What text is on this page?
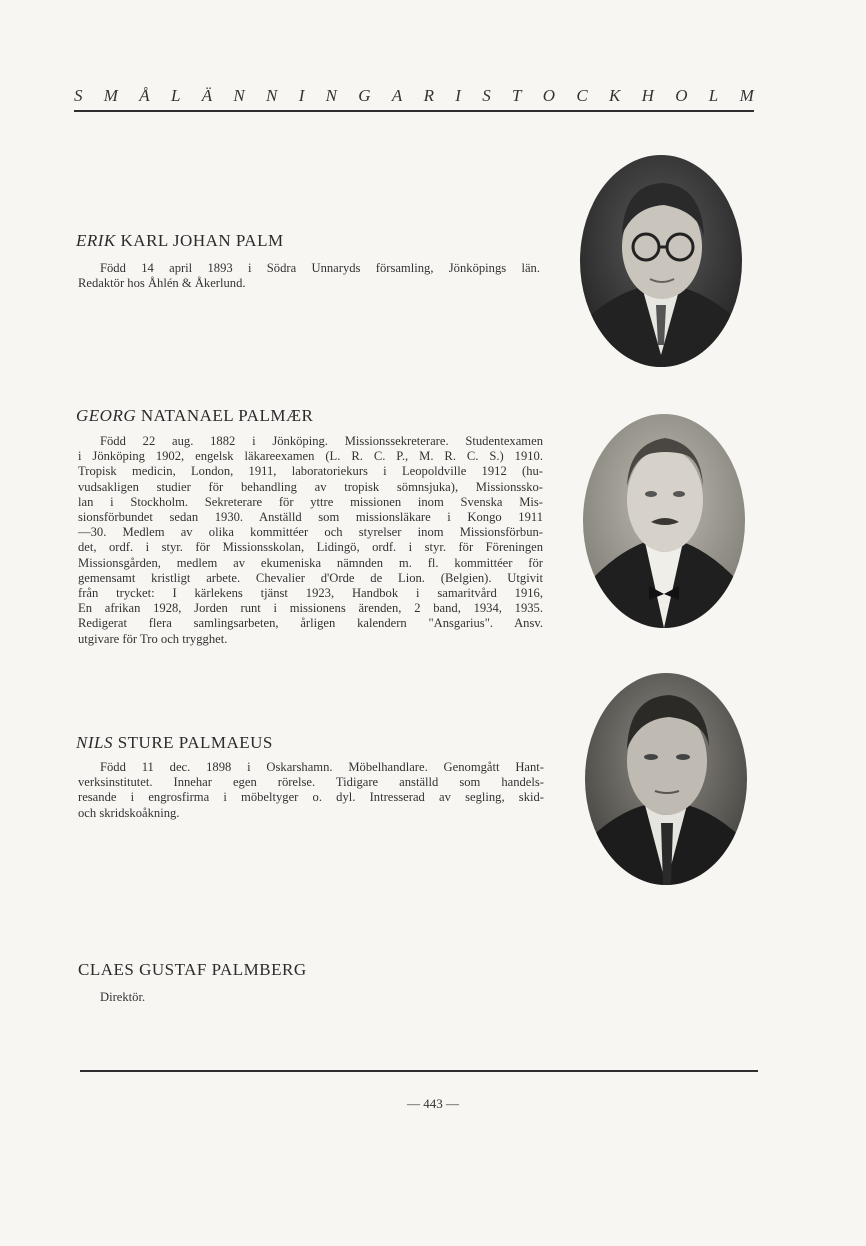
S M Å L Ä N N I N G A R I S T O C K H O L M
ERIK KARL JOHAN PALM
Född 14 april 1893 i Södra Unnaryds församling, Jönköpings län.
Redaktör hos Åhlén & Åkerlund.
GEORG NATANAEL PALMÆR
Född 22 aug. 1882 i Jönköping. Missionssekreterare. Studentexamen
i Jönköping 1902, engelsk läkareexamen (L. R. C. P., M. R. C. S.) 1910.
Tropisk medicin, London, 1911, laboratoriekurs i Leopoldville 1912 (hu-
vudsakligen studier för behandling av tropisk sömnsjuka), Missionssko-
lan i Stockholm. Sekreterare för yttre missionen inom Svenska Mis-
sionsförbundet sedan 1930. Anställd som missionsläkare i Kongo 1911
—30. Medlem av olika kommittéer och styrelser inom Missionsförbun-
det, ordf. i styr. för Missionsskolan, Lidingö, ordf. i styr. för Föreningen
Missionsgården, medlem av ekumeniska nämnden m. fl. kommittéer för
gemensamt kristligt arbete. Chevalier d'Orde de Lion. (Belgien). Utgivit
från trycket: I kärlekens tjänst 1923, Handbok i samaritvård 1916,
En afrikan 1928, Jorden runt i missionens ärenden, 2 band, 1934, 1935.
Redigerat flera samlingsarbeten, årligen kalendern "Ansgarius". Ansv.
utgivare för Tro och trygghet.
NILS STURE PALMAEUS
Född 11 dec. 1898 i Oskarshamn. Möbelhandlare. Genomgått Hant-
verksinstitutet. Innehar egen rörelse. Tidigare anställd som handels-
resande i engrosfirma i möbeltyger o. dyl. Intresserad av segling, skid-
och skridskoåkning.
CLAES GUSTAF PALMBERG
Direktör.
— 443 —
